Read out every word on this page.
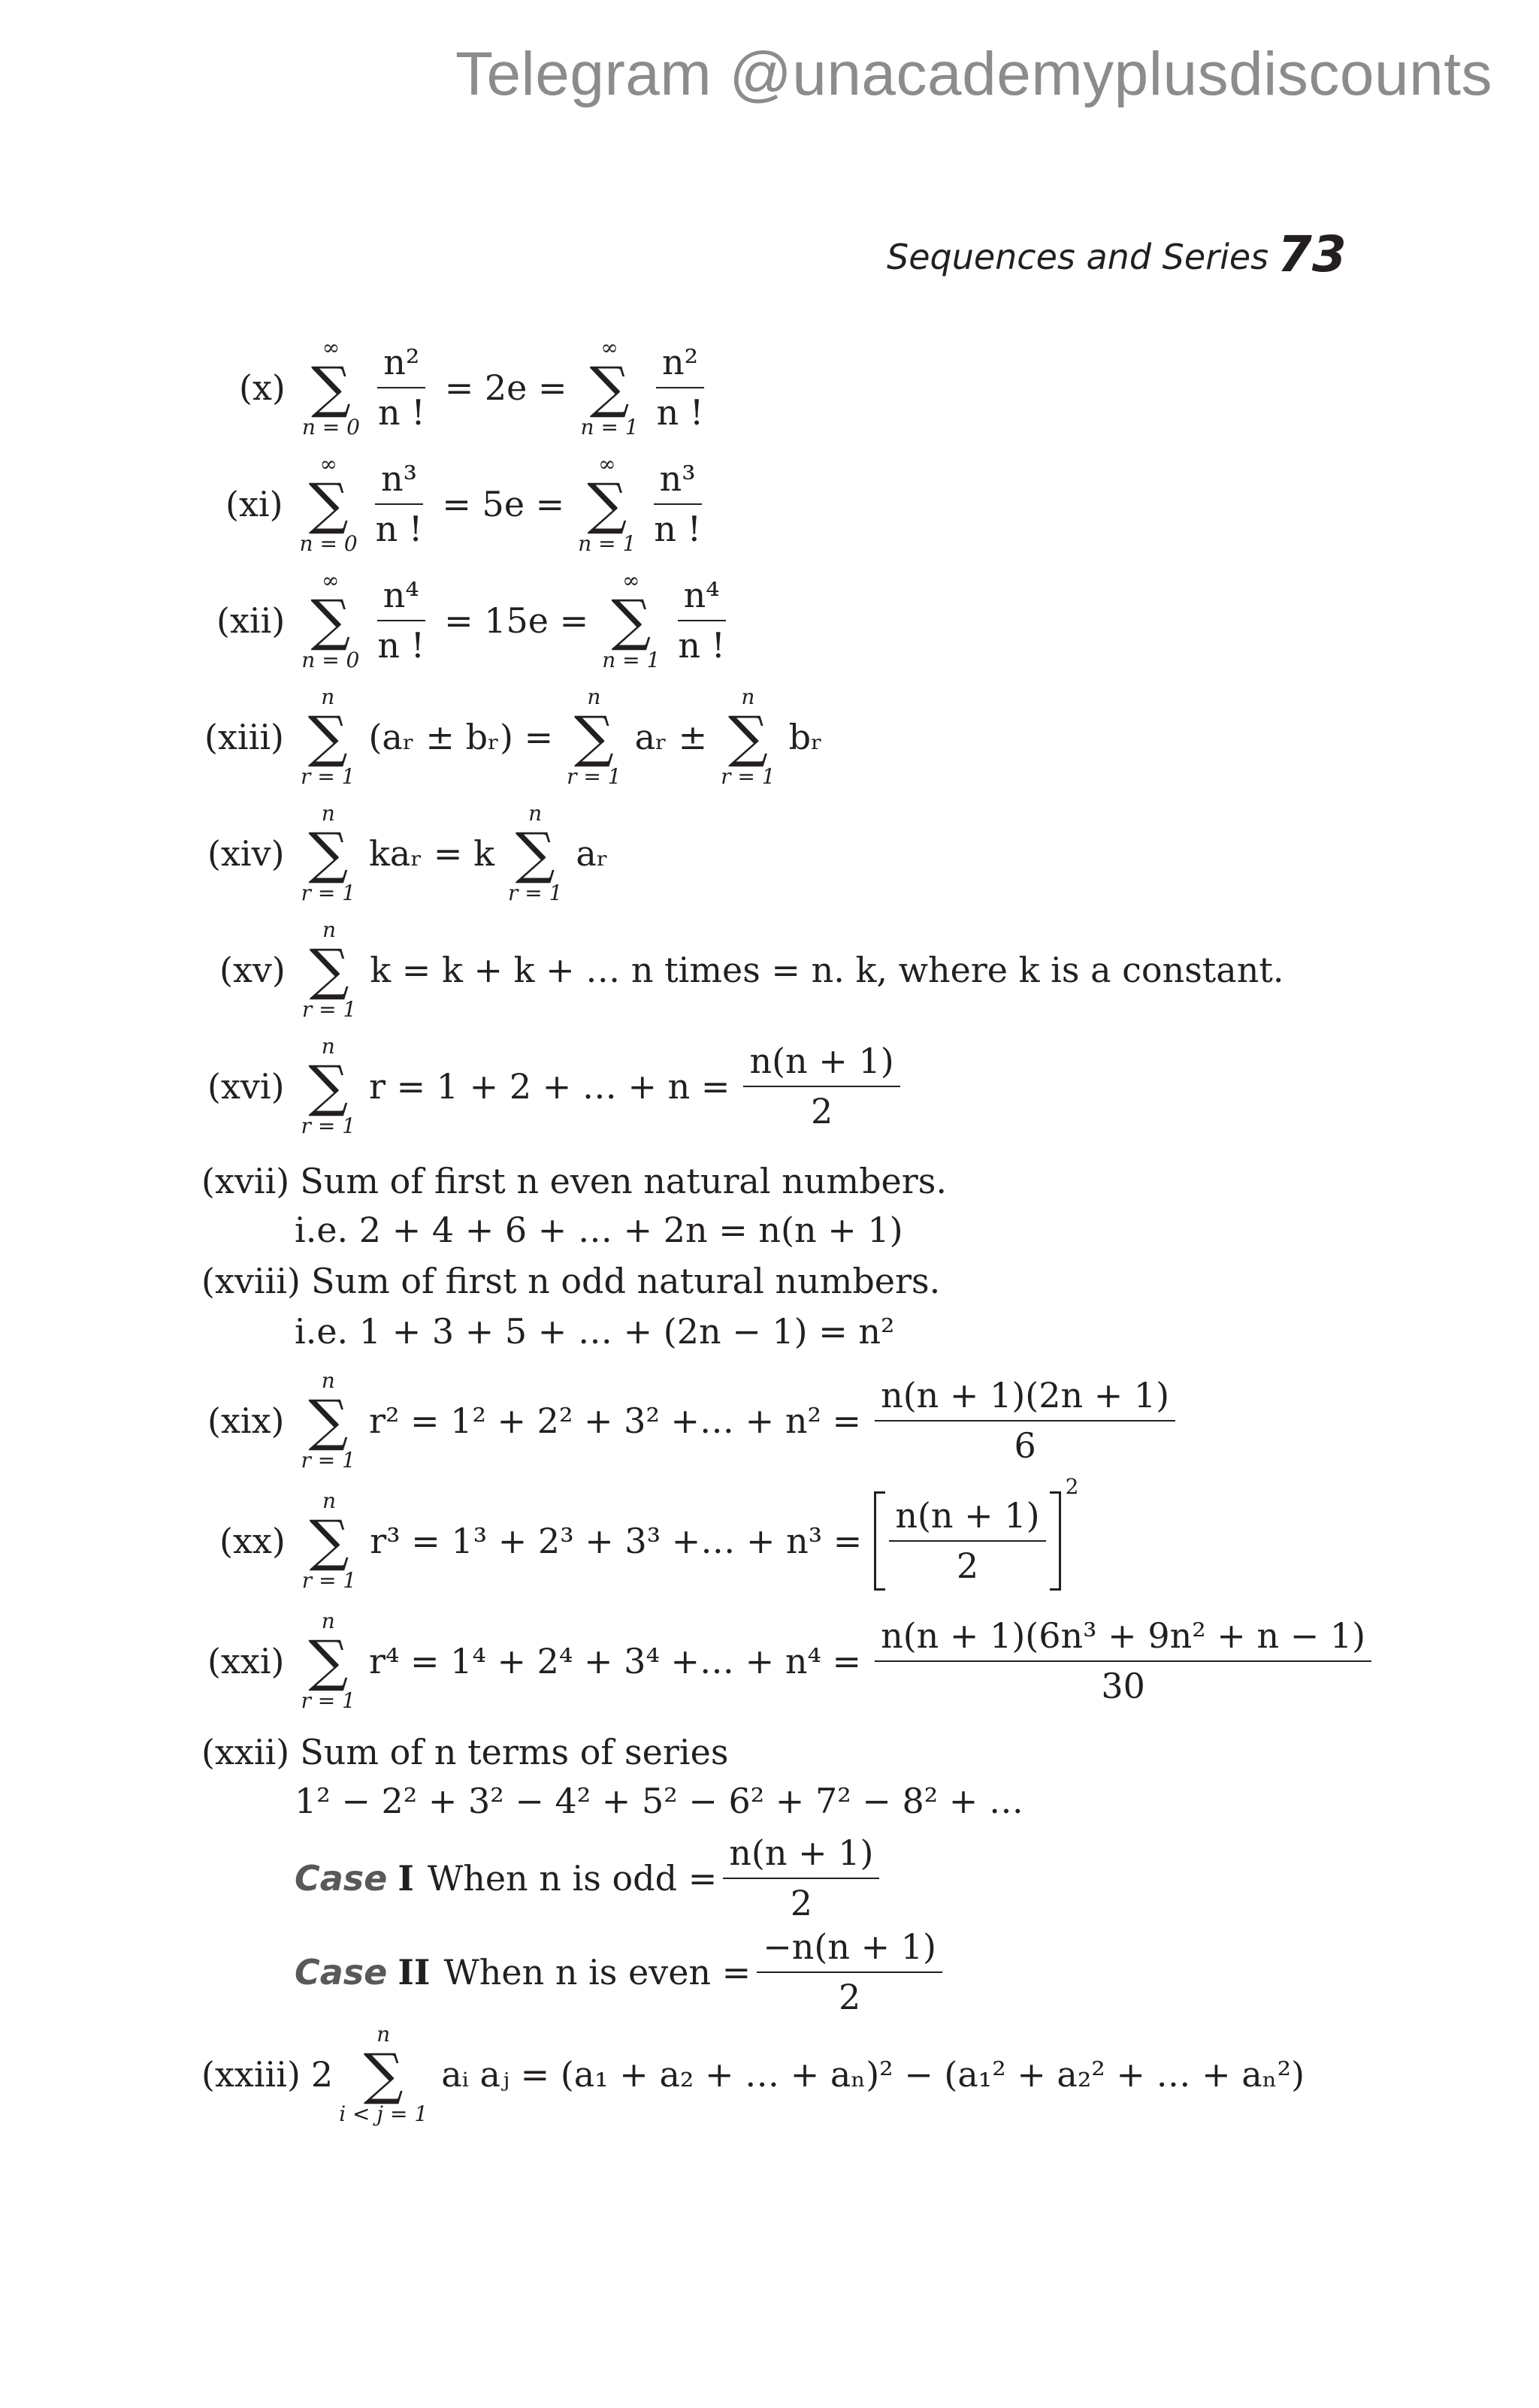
Telegram @unacademyplusdiscounts
Sequences and Series 73
(x)
∞
∑
$n = 0 \frac{\text{n²}}{n !} = 2e$ =
∞
∑
$n = 1 \frac{\text{n²}}{n !}$
(xi)
∞
∑
$n = 0 \frac{\text{n³}}{n !} = 5e$ =
∞
∑
$n = 1 \frac{\text{n³}}{n !}$
(xii)
∞
∑
$n = 0 \frac{\text{n⁴}}{n !} = 15e$ =
∞
∑
$n = 1 \frac{\text{n⁴}}{n !}$
(xiii)
n
∑
r = 1
(aᵣ ± bᵣ) =
n
∑
r = 1
aᵣ ±
n
∑
r = 1
bᵣ
(xiv)
n
∑
r = 1
kaᵣ = k
n
∑
r = 1
aᵣ
(xv)
n
∑
r = 1
k = k + k + … n times = n. k, where k is a constant.
(xvi)
n
∑
r = 1
r = 1 + 2 + … + $n = \frac{n(n + 1)}{2}$
(xvii) Sum of first n even natural numbers.
i.e. 2 + 4 + 6 + … + 2n = n(n + 1)
(xviii) Sum of first n odd natural numbers.
i.e. 1 + 3 + 5 + … + (2n − 1) = n²
(xix)
n
∑
r = 1
r² = 1² + 2² + 3² +… + $n^2 = \frac{n(n + 1)(2n + 1)}{6}$
(xx)
n
∑
r = 1
r³ = 1³ + 2³ + 3³ +… + $n^3 = \frac{n(n + 1)}{2}$
2
(xxi)
n
∑
r = 1
r⁴ = 1⁴ + 2⁴ + 3⁴ +… + $n^4 = \frac{\text{n(n + 1)(6n³ + 9n² + n − 1)}}{30}$
(xxii) Sum of n terms of series
1² − 2² + 3² − 4² + 5² − 6² + 7² − 8² + …
Case I When n is odd = $\frac{n(n + 1)}{2}$
Case II When n is even = $\frac{-n(n + 1)}{2}$
(xxiii) 2
n
∑
i < j = 1
aᵢ aⱼ = (a₁ + a₂ + … + aₙ)² − (a₁² + a₂² + … + aₙ²)
